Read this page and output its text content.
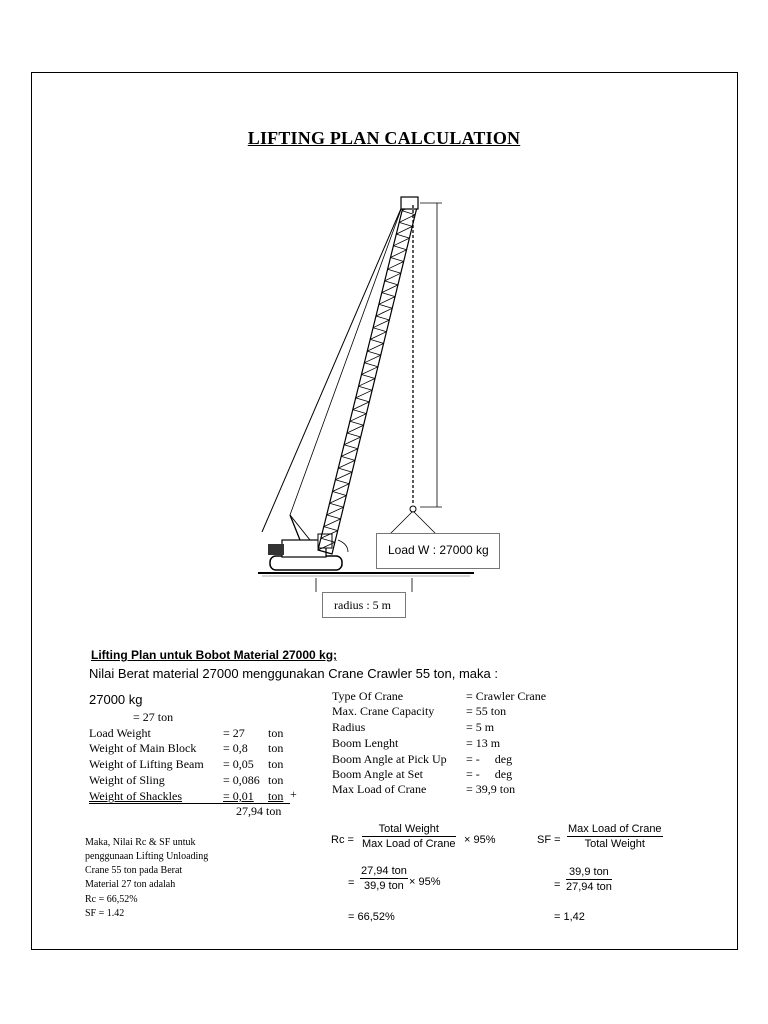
LIFTING PLAN CALCULATION
Load W : 27000 kg
radius : 5 m
Lifting Plan untuk Bobot Material 27000 kg;
Nilai Berat material 27000 menggunakan Crane Crawler 55 ton, maka :
27000 kg
= 27 ton
Load Weight	= 27 ton
Weight of Main Block = 0,8 ton
Weight of Lifting Beam = 0,05 ton
Weight of Sling	= 0,086 ton
Weight of Shackles	= 0,01 ton +
27,94 ton
Type Of Crane	= Crawler Crane
Max. Crane Capacity	= 55 ton
Radius	= 5 m
Boom Lenght	= 13 m
Boom Angle at Pick Up = -     deg
Boom Angle at Set	= -     deg
Max Load of Crane	= 39,9 ton
Maka, Nilai Rc & SF untuk
penggunaan Lifting Unloading
Crane 55 ton pada Berat
Material 27 ton adalah
Rc = 66,52%
SF = 1.42
Rc =
Total Weight
Max Load of Crane × 95%
=
27,94 ton
39,9 ton × 95%
= 66,52%
SF =
Max Load of Crane
Total Weight
=
39,9 ton
27,94 ton
= 1,42
